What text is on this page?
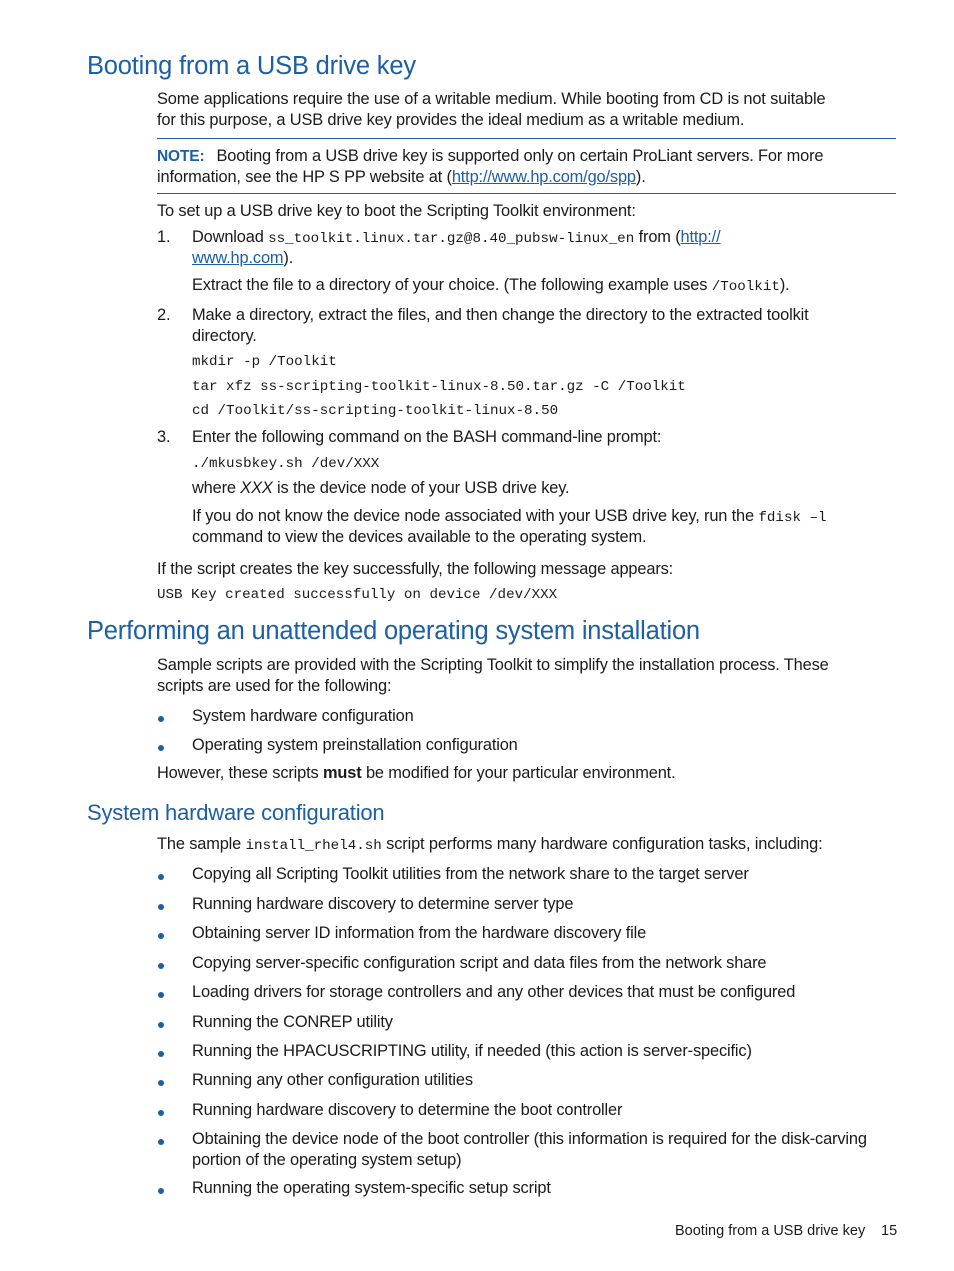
Booting from a USB drive key

Some applications require the use of a writable medium. While booting from CD is not suitable

for this purpose, a USB drive key provides the ideal medium as a writable medium.

NOTE: Booting from a USB drive key is supported only on certain ProLiant servers. For more

information, see the HP S PP website at (http://www.hp.com/go/spp).

To set up a USB drive key to boot the Scripting Toolkit environment:

1. Download ss_toolkit.linux.tar.gz@8.40_pubsw-linux_en from (http://

www.hp.com).

Extract the file to a directory of your choice. (The following example uses /Toolkit).

2. Make a directory, extract the files, and then change the directory to the extracted toolkit

directory.

mkdir -p /Toolkit

tar xfz ss-scripting-toolkit-linux-8.50.tar.gz -C /Toolkit

cd /Toolkit/ss-scripting-toolkit-linux-8.50

3. Enter the following command on the BASH command-line prompt:

./mkusbkey.sh /dev/XXX

where XXX is the device node of your USB drive key.

If you do not know the device node associated with your USB drive key, run the fdisk –l

command to view the devices available to the operating system.

If the script creates the key successfully, the following message appears:

USB Key created successfully on device /dev/XXX

Performing an unattended operating system installation

Sample scripts are provided with the Scripting Toolkit to simplify the installation process. These

scripts are used for the following:

System hardware configuration

Operating system preinstallation configuration

However, these scripts must be modified for your particular environment.

System hardware configuration

The sample install_rhel4.sh script performs many hardware configuration tasks, including:

Copying all Scripting Toolkit utilities from the network share to the target server

Running hardware discovery to determine server type

Obtaining server ID information from the hardware discovery file

Copying server-specific configuration script and data files from the network share

Loading drivers for storage controllers and any other devices that must be configured

Running the CONREP utility

Running the HPACUSCRIPTING utility, if needed (this action is server-specific)

Running any other configuration utilities

Running hardware discovery to determine the boot controller

Obtaining the device node of the boot controller (this information is required for the disk-carving

portion of the operating system setup)

Running the operating system-specific setup script

Booting from a USB drive key 15
